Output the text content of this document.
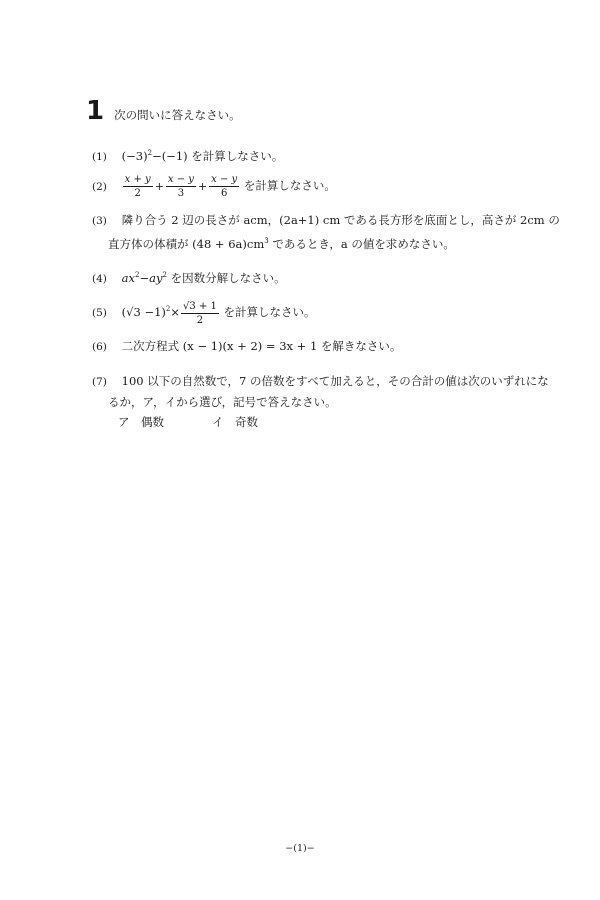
1 次の問いに答えなさい。
(1) $(-3)^2-(-1)$ を計算しなさい。
$(2) \frac{x + y}{2} + \frac{x - y}{3} + \frac{x - y}{6}$ を計算しなさい。
(3) 隣り合う 2 辺の長さが acm，(2a+1) cm である長方形を底面とし，高さが 2cm の
直方体の体積が $(48 + 6a)cm^3$ であるとき，a の値を求めなさい。
(4) $ax^2-ay^2$ を因数分解しなさい。
(5) $(√3 -1)^2\times \frac{√3 + 1}{2}$ を計算しなさい。
(6) 二次方程式 (x − 1)(x + 2) = 3x + 1 を解きなさい。
(7) 100 以下の自然数で，7 の倍数をすべて加えると，その合計の値は次のいずれにな
るか，ア，イから選び，記号で答えなさい。
ア　偶数	イ　奇数
−(1)−
